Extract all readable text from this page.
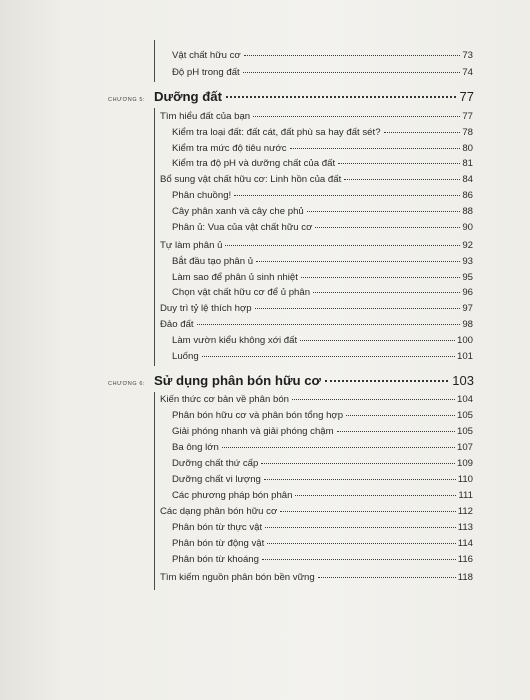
Vật chất hữu cơ	73
Độ pH trong đất	74
CHƯƠNG 5: Dưỡng đất	77
Tìm hiểu đất của bạn	77
Kiểm tra loại đất: đất cát, đất phù sa hay đất sét?	78
Kiểm tra mức độ tiêu nước	80
Kiểm tra độ pH và dưỡng chất của đất	81
Bổ sung vật chất hữu cơ: Linh hồn của đất	84
Phân chuồng!	86
Cây phân xanh và cây che phủ	88
Phân ủ: Vua của vật chất hữu cơ	90
Tự làm phân ủ	92
Bắt đầu tạo phân ủ	93
Làm sao để phân ủ sinh nhiệt	95
Chọn vật chất hữu cơ để ủ phân	96
Duy trì tỷ lệ thích hợp	97
Đảo đất	98
Làm vườn kiểu không xới đất	100
Luống	101
CHƯƠNG 6: Sử dụng phân bón hữu cơ	103
Kiến thức cơ bản về phân bón	104
Phân bón hữu cơ và phân bón tổng hợp	105
Giải phóng nhanh và giải phóng chậm	105
Ba ông lớn	107
Dưỡng chất thứ cấp	109
Dưỡng chất vi lượng	110
Các phương pháp bón phân	111
Các dạng phân bón hữu cơ	112
Phân bón từ thực vật	113
Phân bón từ động vật	114
Phân bón từ khoáng	116
Tìm kiếm nguồn phân bón bền vững	118
